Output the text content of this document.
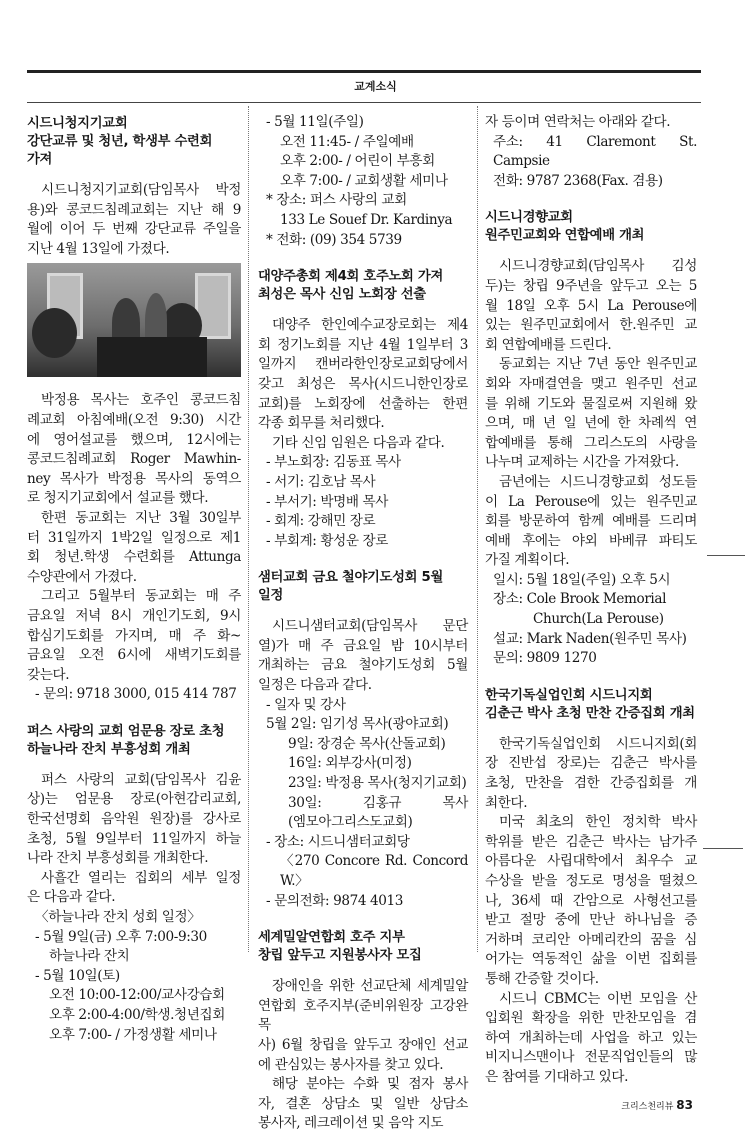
교계소식
시드니청지기교회
강단교류 및 청년, 학생부 수련회 가져
시드니청지기교회(담임목사 박정
용)와 콩코드침례교회는 지난 해 9
월에 이어 두 번째 강단교류 주일을
지난 4월 13일에 가졌다.
박정용 목사는 호주인 콩코드침
례교회 아침예배(오전 9:30) 시간
에 영어설교를 했으며, 12시에는
콩코드침례교회 Roger Mawhin-
ney 목사가 박정용 목사의 동역으
로 청지기교회에서 설교를 했다.
한편 동교회는 지난 3월 30일부
터 31일까지 1박2일 일정으로 제1
회 청년.학생 수련회를 Attunga
수양관에서 가졌다.
그리고 5월부터 동교회는 매 주
금요일 저녁 8시 개인기도회, 9시
합심기도회를 가지며, 매 주 화~
금요일 오전 6시에 새벽기도회를
갖는다.
- 문의: 9718 3000, 015 414 787
퍼스 사랑의 교회 엄문용 장로 초청
하늘나라 잔치 부흥성회 개최
퍼스 사랑의 교회(담임목사 김윤
상)는 엄문용 장로(아현감리교회,
한국선명회 음악원 원장)를 강사로
초청, 5월 9일부터 11일까지 하늘
나라 잔치 부흥성회를 개최한다.
사흘간 열리는 집회의 세부 일정
은 다음과 같다.
〈하늘나라 잔치 성회 일정〉
- 5월 9일(금) 오후 7:00-9:30
하늘나라 잔치
- 5월 10일(토)
오전 10:00-12:00/교사강습회
오후 2:00-4:00/학생.청년집회
오후 7:00- / 가정생활 세미나
- 5월 11일(주일)
오전 11:45- / 주일예배
오후 2:00- / 어린이 부흥회
오후 7:00- / 교회생활 세미나
* 장소: 퍼스 사랑의 교회
133 Le Souef Dr. Kardinya
* 전화: (09) 354 5739
대양주총회 제4회 호주노회 가져
최성은 목사 신임 노회장 선출
대양주 한인예수교장로회는 제4
회 정기노회를 지난 4월 1일부터 3
일까지 캔버라한인장로교회당에서
갖고 최성은 목사(시드니한인장로
교회)를 노회장에 선출하는 한편
각종 회무를 처리했다.
기타 신임 임원은 다음과 같다.
- 부노회장: 김동표 목사
- 서기: 김호남 목사
- 부서기: 박명배 목사
- 회계: 강해민 장로
- 부회계: 황성운 장로
샘터교회 금요 철야기도성회 5월 일정
시드니샘터교회(담임목사 문단
열)가 매 주 금요일 밤 10시부터
개최하는 금요 철야기도성회 5월
일정은 다음과 같다.
- 일자 및 강사
5월 2일: 임기성 목사(광야교회)
9일: 장경순 목사(산돌교회)
16일: 외부강사(미정)
23일: 박정용 목사(청지기교회)
30일: 김홍규 목사(엠모아그리스도교회)
- 장소: 시드니샘터교회당
〈270 Concore Rd. Concord W.〉
- 문의전화: 9874 4013
세계밀알연합회 호주 지부
창립 앞두고 지원봉사자 모집
장애인을 위한 선교단체 세계밀알
연합회 호주지부(준비위원장 고강완 목
사) 6월 창립을 앞두고 장애인 선교
에 관심있는 봉사자를 찾고 있다.
해당 분야는 수화 및 점자 봉사
자, 결혼 상담소 및 일반 상담소
봉사자, 레크레이션 및 음악 지도
자 등이며 연락처는 아래와 같다.
주소: 41 Claremont St. Campsie
전화: 9787 2368(Fax. 겸용)
시드니경향교회
원주민교회와 연합예배 개최
시드니경향교회(담임목사 김성
두)는 창립 9주년을 앞두고 오는 5
월 18일 오후 5시 La Perouse에
있는 원주민교회에서 한.원주민 교
회 연합예배를 드린다.
동교회는 지난 7년 동안 원주민교
회와 자매결연을 맺고 원주민 선교
를 위해 기도와 물질로써 지원해 왔
으며, 매 년 일 년에 한 차례씩 연
합예배를 통해 그리스도의 사랑을
나누며 교제하는 시간을 가져왔다.
금년에는 시드니경향교회 성도들
이 La Perouse에 있는 원주민교
회를 방문하여 함께 예배를 드리며
예배 후에는 야외 바베큐 파티도
가질 계획이다.
일시: 5월 18일(주일) 오후 5시
장소: Cole Brook Memorial
Church(La Perouse)
설교: Mark Naden(원주민 목사)
문의: 9809 1270
한국기독실업인회 시드니지회
김춘근 박사 초청 만찬 간증집회 개최
한국기독실업인회 시드니지회(회
장 진반섭 장로)는 김춘근 박사를
초청, 만찬을 겸한 간증집회를 개
최한다.
미국 최초의 한인 정치학 박사
학위를 받은 김춘근 박사는 남가주
아름다운 사립대학에서 최우수 교
수상을 받을 정도로 명성을 떨쳤으
나, 36세 때 간암으로 사형선고를
받고 절망 중에 만난 하나님을 증
거하며 코리안 아메리칸의 꿈을 심
어가는 역동적인 삶을 이번 집회를
통해 간증할 것이다.
시드니 CBMC는 이번 모임을 산
입회원 확장을 위한 만찬모임을 겸
하여 개최하는데 사업을 하고 있는
비지니스맨이나 전문직업인들의 많
은 참여를 기대하고 있다.
크리스천리뷰 83
